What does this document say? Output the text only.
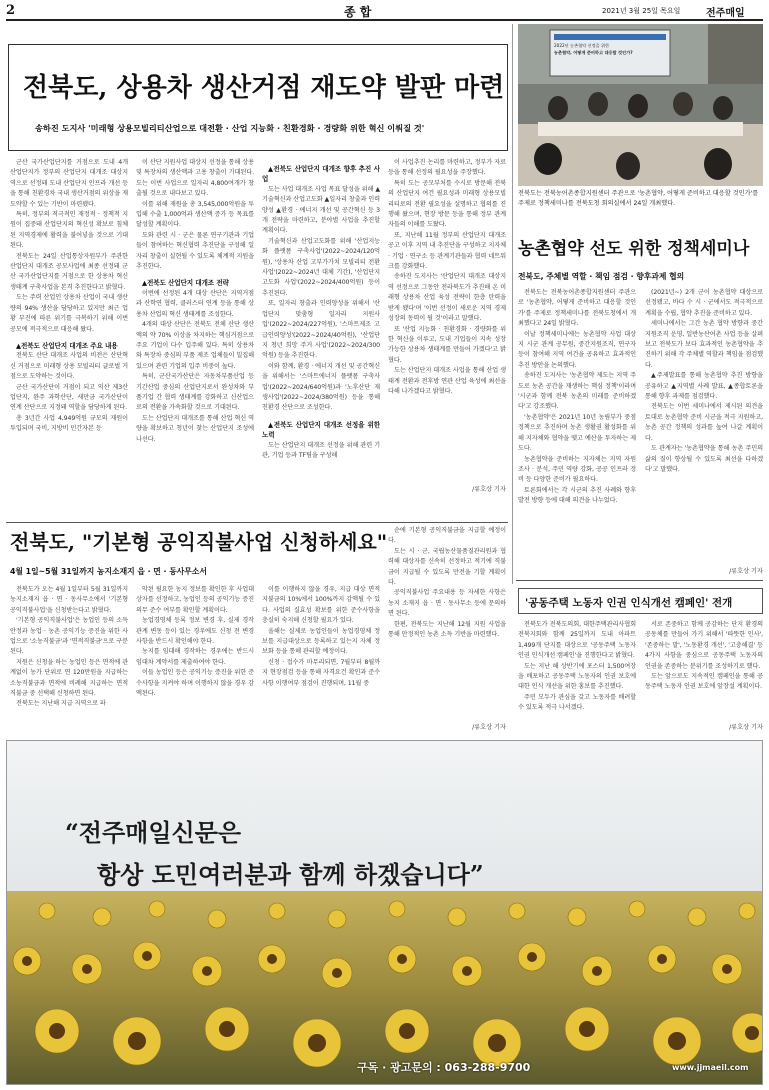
2	종 합	2021년 3월 25일 목요일	전주매일
전북도, 상용차 생산거점 재도약 발판 마련
송하진 도지사 '미래형 상용모빌리티산업으로 대전환 · 산업 지능화 · 친환경화 · 경량화 위한 혁신 이뤄질 것'

군산 국가산업단지를 거점으로 도내 4개 산업단지가 정부의 산업단지 대개조 대상지역으로 선정돼 도내 산업단지 인프라 개선 등을 통해 친환경차 국내 생산거점의 위상을 재도약할 수 있는 기반이 마련됐다.

특히, 정부의 적극적인 재정적 · 정책적 지원이 집중돼 산업단지의 혁신성 확보로 침체된 지역경제에 활력을 불어넣을 것으로 기대된다.

전북도는 24일 산업통상자원부가 주관한 산업단지 대개조 공모사업에 최종 선정돼 군산 국가산업단지를 거점으로 한 상용차 혁신 생태계 구축사업을 본격 추진한다고 밝혔다.

도는 주력 산업인 상용차 산업이 국내 생산량의 94% 생산을 담당하고 있지만 최근 업황 부진에 따른 위기를 극복하기 위해 이번 공모에 적극적으로 대응해 왔다.

▲전북도 산업단지 대개조 주요 내용

전북도 산단 대개조 사업의 비전은 산단혁신 거점으로 미래형 상용 모빌리티 글로벌 거점으로 도약하는 것이다.

군산 국가산단이 거점이 되고 익산 제3산업단지, 완주 과학산단, 새만금 국가산단이 연계 산단으로 지정돼 역할을 담당하게 된다.

총 3년간 사업 4,949억원 규모의 재원이 투입되며 국비, 지방비 민간자본 등

이 산단 지원사업 대상지 선정을 통해 상용 및 특장차의 생산액과 고용 창출이 기대된다. 도는 이번 사업으로 일자리 4,800여개가 창출될 것으로 내다보고 있다.

이를 위해 재원을 총 3,545,000억원을 투입해 수출 1,000억과 생산액 증가 등 목표를 달성할 계획이다.

도와 관련 시 · 군은 물론 연구기관과 기업들이 참여하는 혁신협력 추진단을 구성해 일자리 창출이 실현될 수 있도록 체계적 지원을 추진한다.

▲전북도 산업단지 대개조 전략

이번에 선정된 4개 대상 산단은 지역거점과 산학연 협력, 클러스터 연계 등을 통해 상용차 산업의 혁신 생태계를 조성한다.

4개의 대상 산단은 전북도 전체 산단 생산액의 약 70% 이상을 차지하는 핵심거점으로 주요 기업이 다수 입주해 있다. 특히 상용차와 특장차 중심의 부품 제조 업체들이 밀집해 있으며 관련 기업의 입주 비중이 높다.

특히, 군산국가산단은 자동차부품산업 등 기간산업 중심의 산업단지로서 완성차와 부품기업 간 협력 생태계를 강화하고 신산업으로의 전환을 가속화할 것으로 기대된다.

도는 산업단지 대개조를 통해 산업 혁신 역량을 확보하고 청년이 찾는 산업단지 조성에 나선다.

▲전북도 산업단지 대개조 향후 추진 사업

도는 사업 대개조 사업 목표 달성을 위해 ▲기술혁신과 산업고도화 ▲일자리 창출과 인력양성 ▲환경 · 에너지 개선 및 공간혁신 등 3개 전략을 마련하고, 분야별 사업을 추진할 계획이다.

기술혁신과 산업고도화를 위해 '산업지능화 플랫폼 구축사업'(2022~2024/120억원), '상용차 산업 고부가가치 모빌리티 전환사업'(2022~2024년 대체 기간), '산업단지 고도화 사업'(2022~2024/400억원) 등이 추진된다.

또, 일자리 창출과 인력양성을 위해서 '산업단지 맞춤형 일자리 지원사업'(2022~2024/227억원), '스마트제조 고급인력양성'(2022~2024/40억원), '산업단지 청년 희망 주거 사업'(2022~2024/300억원) 등을 추진한다.

이와 함께, 환경 · 에너지 개선 및 공간혁신을 위해서는 '스마트에너지 플랫폼 구축사업'(2022~2024/640억원)과 '노후산단 재생사업'(2022~2024/380억원) 등을 통해 친환경 산단으로 조성한다.

▲전북도 산업단지 대개조 선정을 위한 노력

도는 산업단지 대개조 선정을 위해 관련 기관, 기업 등과 TF팀을 구성해

이 사업추진 논리를 마련하고, 정부가 자료 등을 통해 선정의 필요성을 주장했다.

특히 도는 공모부처를 수시로 방문해 전북의 산업단지 여건 필요성과 미래형 상용모빌리티로의 전환 필요성을 설명하고 협의를 진행해 왔으며, 현장 방문 등을 통해 정부 관계자들의 이해를 도왔다.

또, 지난해 11월 정부의 산업단지 대개조 공고 이후 지역 내 추진단을 구성하고 지자체 · 기업 · 연구소 등 관계기관들과 협력 네트워크를 강화했다.

송하진 도지사는 '산업단지 대개조 대상지역 선정으로 그동안 전라북도가 추진해 온 미래형 상용차 산업 육성 전략이 한층 탄력을 받게 됐다'며 '이번 선정이 새로운 지역 경제 성장의 동력이 될 것'이라고 말했다.

또 '산업 지능화 · 친환경화 · 경량화를 위한 혁신을 이루고, 도내 기업들이 지속 성장 가능한 상용차 생태계를 만들어 가겠다'고 밝혔다.

도는 산업단지 대개조 사업을 통해 산업 생태계 전환과 전후방 연관 산업 육성에 최선을 다해 나가겠다고 밝혔다.

/류호상 기자
2022년 농촌협약 선정을 위한
농촌협약, 어떻게 준비하고 대응할 것인가?
전북도는 전북농어촌종합지원센터 주관으로 '농촌협약, 어떻게 준비하고 대응할 것인가'를 주제로 정책세미나를 전북도청 회의실에서 24일 개최했다.
농촌협약 선도 위한 정책세미나
전북도, 주체별 역할 · 책임 점검 · 향후과제 협의

전북도는 전북농어촌종합지원센터 주관으로 '농촌협약, 어떻게 준비하고 대응할 것인가'를 주제로 정책세미나를 전북도청에서 개최했다고 24일 밝혔다.

이날 정책세미나에는 농촌협약 사업 대상지 시군 관계 공무원, 중간지원조직, 연구자 등이 참여해 지역 여건을 공유하고 효과적인 추진 방안을 논의했다.

송하진 도지사는 '농촌협약 제도는 지역 주도로 농촌 공간을 재생하는 핵심 정책'이라며 '시군과 함께 전북 농촌의 미래를 준비하겠다'고 강조했다.

'농촌협약'은 2021년 10년 농림부가 중점 정책으로 추진하며 농촌 생활권 활성화를 위해 지자체와 협약을 맺고 예산을 투자하는 제도다.

농촌협약을 준비하는 지자체는 지역 자원 조사 · 분석, 주민 역량 강화, 공공 인프라 정비 등 다양한 준비가 필요하다.

토론회에서는 각 시군의 추진 사례와 향후 발전 방향 등에 대해 의견을 나누었다.

(2021년~) 2개 군이 농촌협약 대상으로 선정됐고, 바다 수 시 · 군에서도 적극적으로 계획을 수립, 협약 추진을 준비하고 있다.

세미나에서는 그간 농촌 협약 방향과 중간지원조직 운영, 일반농산어촌 사업 등을 살펴보고 전북도가 보다 효과적인 농촌협약을 추진하기 위해 각 주체별 역할과 책임을 점검했다.

▲주제발표를 통해 농촌협약 추진 방향을 공유하고 ▲지역별 사례 발표, ▲종합토론을 통해 향후 과제를 점검했다.

전북도는 이번 세미나에서 제시된 의견을 토대로 농촌협약 준비 시군을 적극 지원하고, 농촌 공간 정책의 성과를 높여 나갈 계획이다.

도 관계자는 '농촌협약을 통해 농촌 주민의 삶의 질이 향상될 수 있도록 최선을 다하겠다'고 말했다.

/류호상 기자
전북도, "기본형 공익직불사업 신청하세요"
4월 1일~5월 31일까지 농지소재지 읍 · 면 · 동사무소서

전북도가 오는 4월 1일부터 5월 31일까지 농지소재지 읍 · 면 · 동사무소에서 '기본형 공익직불사업'을 신청받는다고 밝혔다.

'기본형 공익직불사업'은 농업인 등의 소득안정과 농업 · 농촌 공익기능 증진을 위한 사업으로 '소농직불금'과 '면적직불금'으로 구분된다.

지원은 신청을 하는 농업인 등은 면적에 관계없이 농가 단위로 연 120만원을 지급하는 소농직불금과 면적에 비례해 지급하는 면적직불금 중 선택해 신청하면 된다.

전북도는 지난해 지급 지역으로 파

악된 필요한 농지 정보를 확인한 후 사업대상자를 선정하고, 농업인 등의 공익기능 증진 의무 준수 여부를 확인할 계획이다.

농업경영체 등록 정보 변경 후, 실제 경작 관계 변동 등이 있는 경우에도 신청 전 변경 사항을 반드시 확인해야 한다.

농지를 임대해 경작하는 경우에는 반드시 임대차 계약서를 제출하여야 한다.

이들 농업인 등은 공익기능 증진을 위한 준수사항을 지켜야 하며 이행하지 않을 경우 감액된다.

이를 이행하지 않을 경우, 지급 대상 면적 지불금의 10%에서 100%까지 감액될 수 있다. 사업의 실효성 확보를 위한 준수사항을 충실히 숙지해 신청할 필요가 있다.

올해는 실제로 농업인들이 농업경영체 정보를 지급대상으로 등록하고 있는지 자체 정보화 등을 통해 관리할 예정이다.

신청 · 접수가 마무리되면, 7월부터 8월까지 현장점검 등을 통해 자격요건 확인과 준수사항 이행여부 점검이 진행되며, 11월 중

순에 기본형 공익직불금을 지급할 예정이다.

도는 시 · 군, 국립농산물품질관리원과 협력해 대상자를 신속히 선정하고 적기에 직불금이 지급될 수 있도록 만전을 기할 계획이다.

공익직불사업 주요내용 등 자세한 사항은 농지 소재지 읍 · 면 · 동사무소 등에 문의하면 된다.

한편, 전북도는 지난해 12월 지원 사업을 통해 안정적인 농촌 소득 기반을 마련했다.

/류호상 기자
'공동주택 노동자 인권 인식개선 캠페인' 전개

전북도가 전북도의회, 대한주택관리사협회 전북지회와 함께 25일까지 도내 아파트 1,499개 단지를 대상으로 '공동주택 노동자 인권 인식개선 캠페인'을 진행한다고 밝혔다.

도는 지난 해 상반기에 포스터 1,500여장을 배포하고 공동주택 노동자의 인권 보호에 대한 인식 개선을 위한 홍보를 추진했다.

주민 모두가 관심을 갖고 노동자를 배려할 수 있도록 적극 나서겠다.

서로 존중하고 함께 공감하는 단지 환경의 공동체를 만들어 가기 위해서 '따뜻한 인사', '존중하는 말', '노동환경 개선', '고충해결' 등 4가지 사항을 중심으로 공동주택 노동자의 인권을 존중하는 분위기를 조성하기로 했다.

도는 앞으로도 지속적인 캠페인을 통해 공동주택 노동자 인권 보호에 앞장설 계획이다.

/류호상 기자
“전주매일신문은
항상 도민여러분과 함께 하겠습니다”
구독 · 광고문의 : 063-288-9700	www.jjmaeil.com
